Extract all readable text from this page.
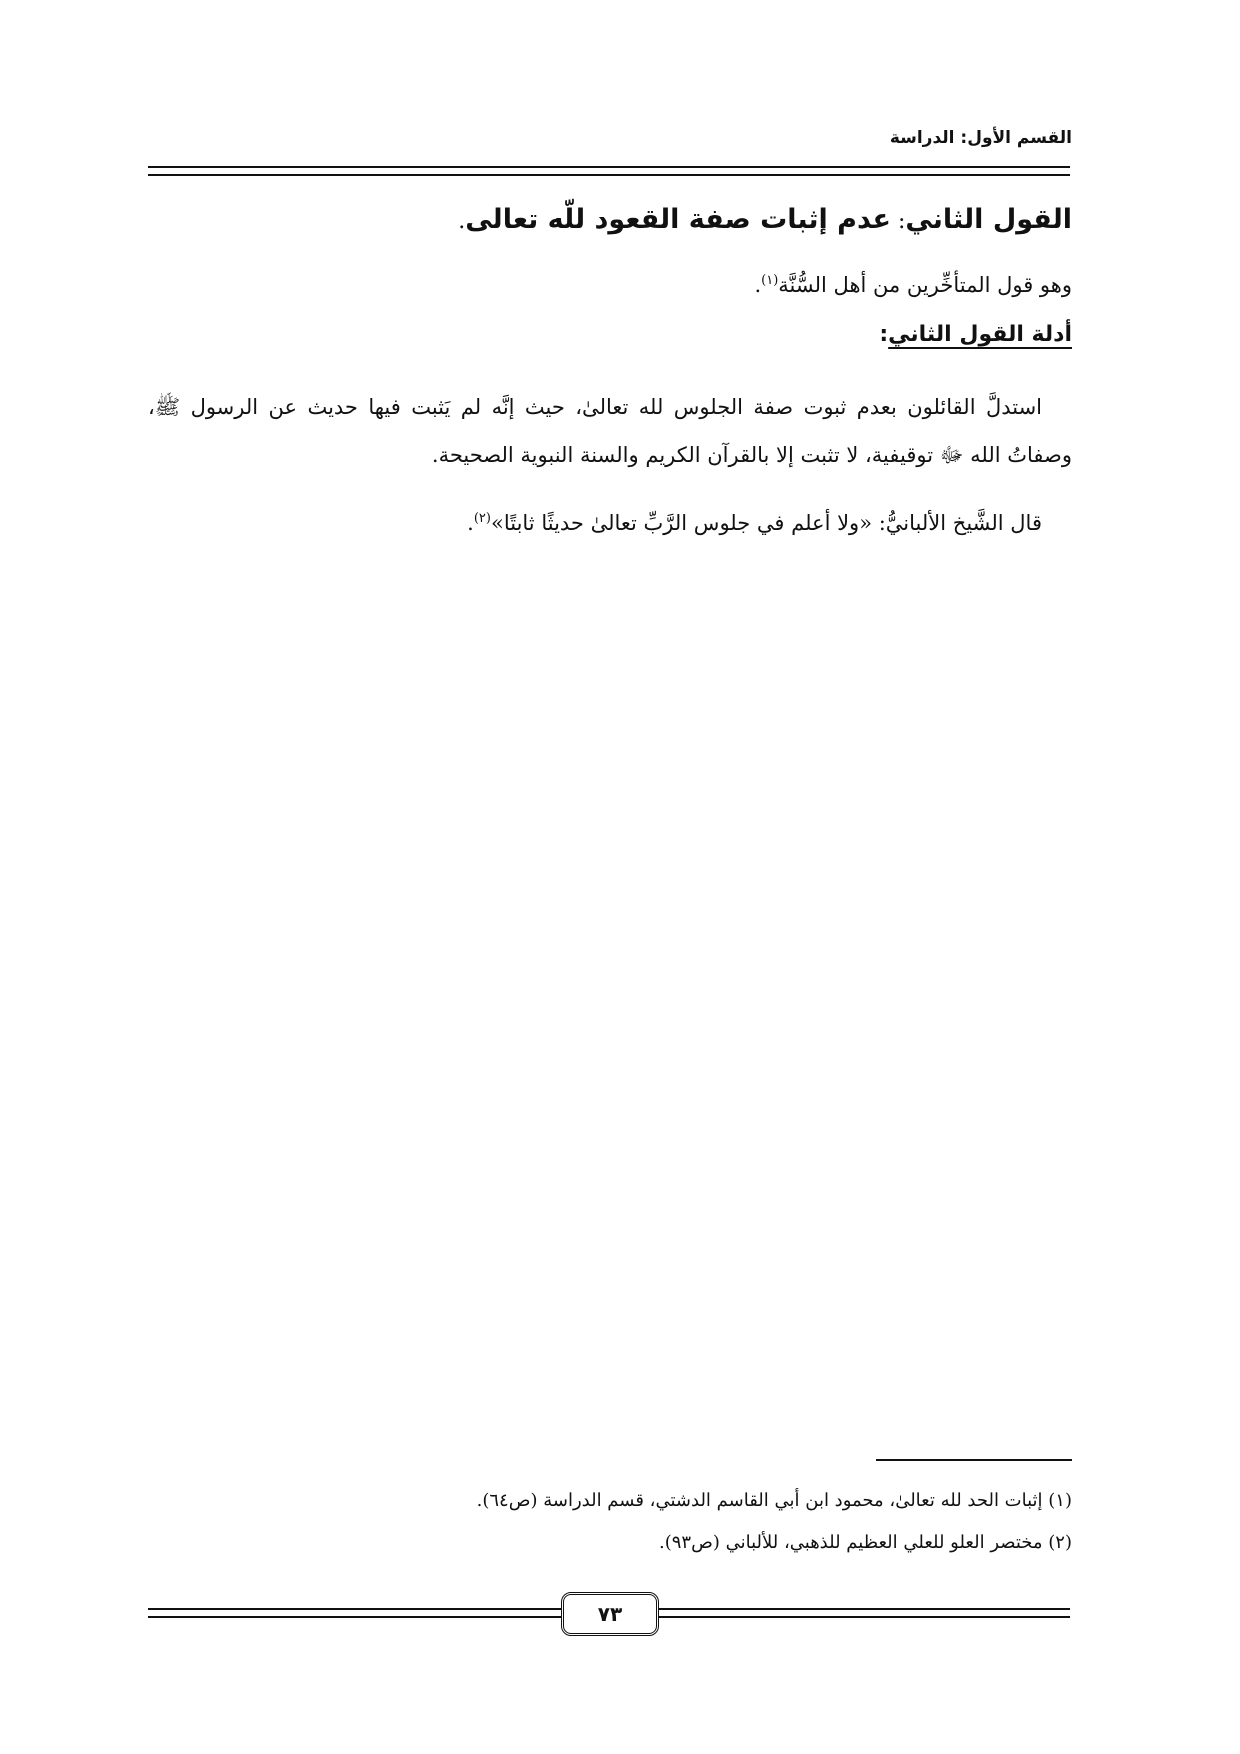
القسم الأول: الدراسة
القول الثاني: عدم إثبات صفة القعود للّه تعالى.
وهو قول المتأخِّرين من أهل السُّنَّة$^{(١)}$.
أدلة القول الثاني:
استدلَّ القائلون بعدم ثبوت صفة الجلوس لله تعالىٰ، حيث إنَّه لم يَثبت فيها حديث عن الرسول ﷺ، وصفاتُ الله ﷻ توقيفية، لا تثبت إلا بالقرآن الكريم والسنة النبوية الصحيحة.
قال الشَّيخ الألبانيُّ: «ولا أعلم في جلوس الرَّبِّ تعالىٰ حديثًا ثابتًا»$^{(٢)}$.
(١) إثبات الحد لله تعالىٰ، محمود ابن أبي القاسم الدشتي، قسم الدراسة (ص٦٤).
(٢) مختصر العلو للعلي العظيم للذهبي، للألباني (ص٩٣).
٧٣
